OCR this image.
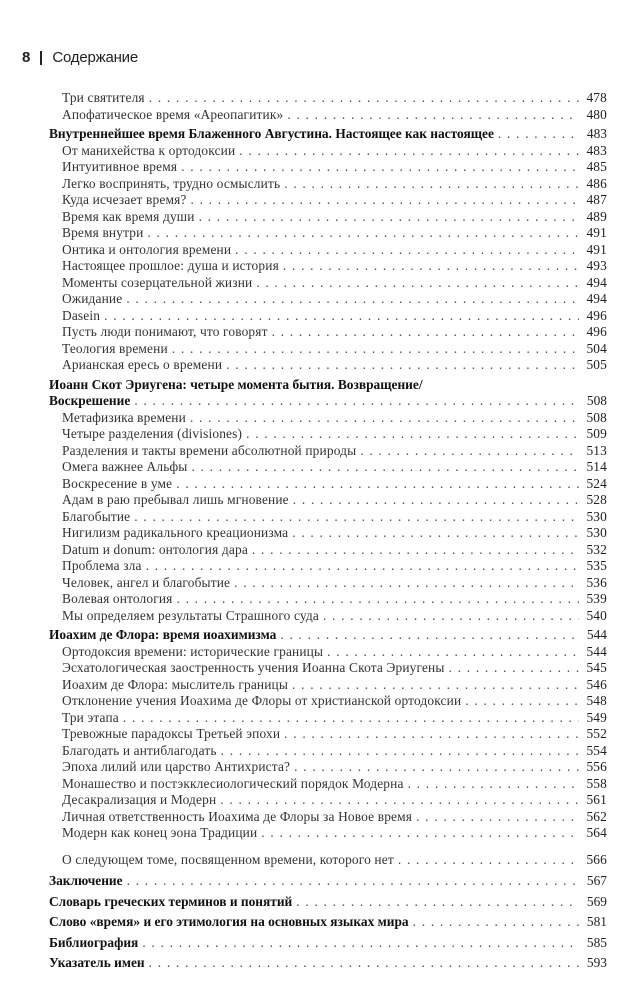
8 Содержание
Три святителя . . .	478
Апофатическое время «Ареопагитик» . . .	480
Внутреннейшее время Блаженного Августина. Настоящее как настоящее . . .	483
От манихейства к ортодоксии . . .	483
Интуитивное время . . .	485
Легко воспринять, трудно осмыслить . . .	486
Куда исчезает время? . . .	487
Время как время души . . .	489
Время внутри . . .	491
Онтика и онтология времени . . .	491
Настоящее прошлое: душа и история . . .	493
Моменты созерцательной жизни . . .	494
Ожидание . . .	494
Dasein . . .	496
Пусть люди понимают, что говорят . . .	496
Теология времени . . .	504
Арианская ересь о времени . . .	505
Иоанн Скот Эриугена: четыре момента бытия. Возвращение/
Воскрешение . . .	508
Метафизика времени . . .	508
Четыре разделения (divisiones) . . .	509
Разделения и такты времени абсолютной природы . . .	513
Омега важнее Альфы . . .	514
Воскресение в уме . . .	524
Адам в раю пребывал лишь мгновение . . .	528
Благобытие . . .	530
Нигилизм радикального креационизма . . .	530
Datum и donum: онтология дара . . .	532
Проблема зла . . .	535
Человек, ангел и благобытие . . .	536
Волевая онтология . . .	539
Мы определяем результаты Страшного суда . . .	540
Иоахим де Флора: время иоахимизма . . .	544
Ортодоксия времени: исторические границы . . .	544
Эсхатологическая заостренность учения Иоанна Скота Эриугены . . .	545
Иоахим де Флора: мыслитель границы . . .	546
Отклонение учения Иоахима де Флоры от христианской ортодоксии . . .	548
Три этапа . . .	549
Тревожные парадоксы Третьей эпохи . . .	552
Благодать и антиблагодать . . .	554
Эпоха лилий или царство Антихриста? . . .	556
Монашество и постэкклесиологический порядок Модерна . . .	558
Десакрализация и Модерн . . .	561
Личная ответственность Иоахима де Флоры за Новое время . . .	562
Модерн как конец эона Традиции . . .	564
О следующем томе, посвященном времени, которого нет . . .	566
Заключение . . .	567
Словарь греческих терминов и понятий . . .	569
Слово «время» и его этимология на основных языках мира . . .	581
Библиография . . .	585
Указатель имен . . .	593
